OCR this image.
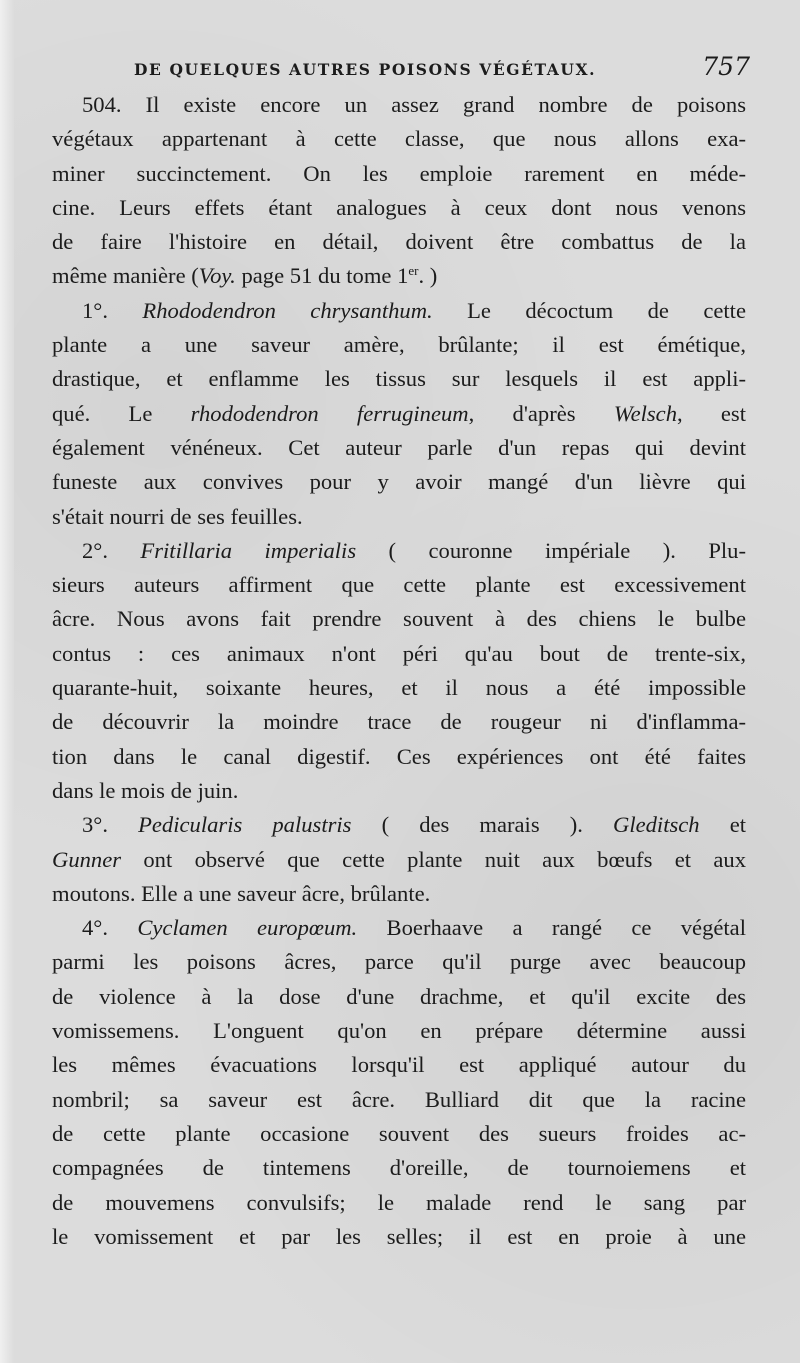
DE QUELQUES AUTRES POISONS VÉGÉTAUX.	757
504. Il existe encore un assez grand nombre de poisons
végétaux appartenant à cette classe, que nous allons exa-
miner succinctement. On les emploie rarement en méde-
cine. Leurs effets étant analogues à ceux dont nous venons
de faire l'histoire en détail, doivent être combattus de la
même manière (Voy. page 51 du tome 1er. )
1°. Rhododendron chrysanthum. Le décoctum de cette
plante a une saveur amère, brûlante; il est émétique,
drastique, et enflamme les tissus sur lesquels il est appli-
qué. Le rhododendron ferrugineum, d'après Welsch, est
également vénéneux. Cet auteur parle d'un repas qui devint
funeste aux convives pour y avoir mangé d'un lièvre qui
s'était nourri de ses feuilles.
2°. Fritillaria imperialis ( couronne impériale ). Plu-
sieurs auteurs affirment que cette plante est excessivement
âcre. Nous avons fait prendre souvent à des chiens le bulbe
contus : ces animaux n'ont péri qu'au bout de trente-six,
quarante-huit, soixante heures, et il nous a été impossible
de découvrir la moindre trace de rougeur ni d'inflamma-
tion dans le canal digestif. Ces expériences ont été faites
dans le mois de juin.
3°. Pedicularis palustris ( des marais ). Gleditsch et
Gunner ont observé que cette plante nuit aux bœufs et aux
moutons. Elle a une saveur âcre, brûlante.
4°. Cyclamen europœum. Boerhaave a rangé ce végétal
parmi les poisons âcres, parce qu'il purge avec beaucoup
de violence à la dose d'une drachme, et qu'il excite des
vomissemens. L'onguent qu'on en prépare détermine aussi
les mêmes évacuations lorsqu'il est appliqué autour du
nombril; sa saveur est âcre. Bulliard dit que la racine
de cette plante occasione souvent des sueurs froides ac-
compagnées de tintemens d'oreille, de tournoiemens et
de mouvemens convulsifs; le malade rend le sang par
le vomissement et par les selles; il est en proie à une
